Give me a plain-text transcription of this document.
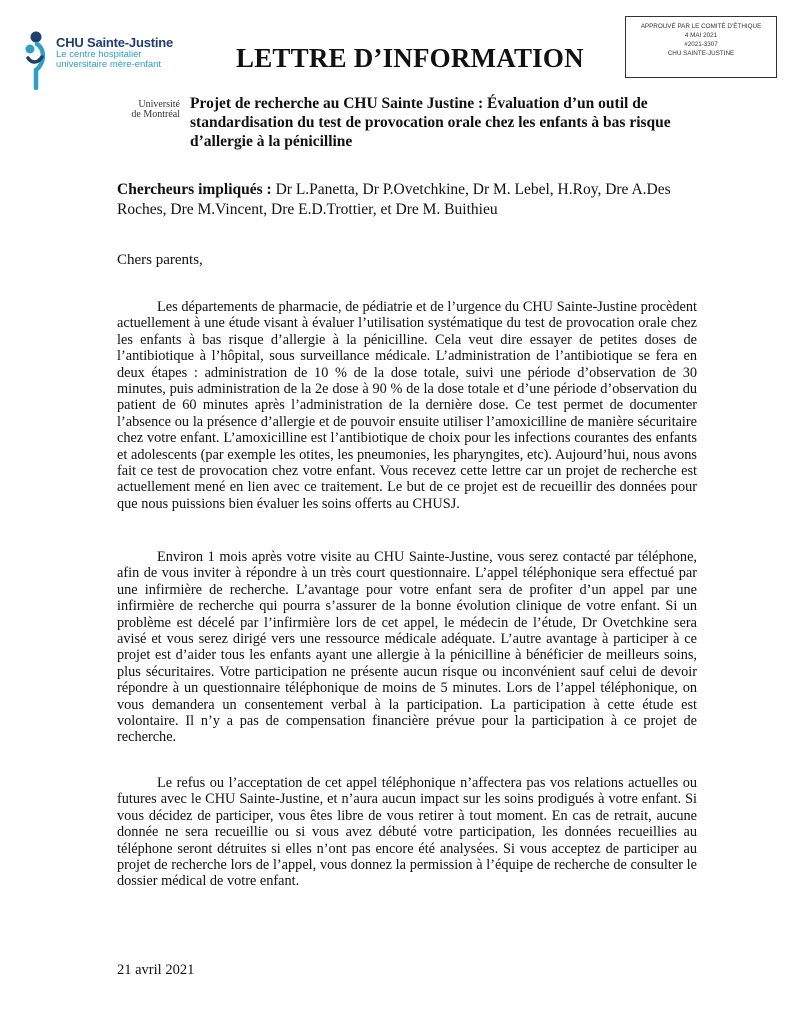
CHU Sainte-Justine
Le centre hospitalier
universitaire mère-enfant	LETTRE D’INFORMATION
APPROUVÉ PAR LE COMITÉ D’ÉTHIQUE
4 MAI 2021
#2021-3307
CHU SAINTE-JUSTINE
Université
de Montréal
Projet de recherche au CHU Sainte Justine : Évaluation d’un outil de standardisation du test de provocation orale chez les enfants à bas risque d’allergie à la pénicilline
Chercheurs impliqués : Dr L.Panetta, Dr P.Ovetchkine, Dr M. Lebel, H.Roy, Dre A.Des Roches, Dre M.Vincent, Dre E.D.Trottier, et Dre M. Buithieu
Chers parents,
Les départements de pharmacie, de pédiatrie et de l’urgence du CHU Sainte-Justine procèdent actuellement à une étude visant à évaluer l’utilisation systématique du test de provocation orale chez les enfants à bas risque d’allergie à la pénicilline. Cela veut dire essayer de petites doses de l’antibiotique à l’hôpital, sous surveillance médicale. L’administration de l’antibiotique se fera en deux étapes : administration de 10 % de la dose totale, suivi une période d’observation de 30 minutes, puis administration de la 2e dose à 90 % de la dose totale et d’une période d’observation du patient de 60 minutes après l’administration de la dernière dose. Ce test permet de documenter l’absence ou la présence d’allergie et de pouvoir ensuite utiliser l’amoxicilline de manière sécuritaire chez votre enfant. L’amoxicilline est l’antibiotique de choix pour les infections courantes des enfants et adolescents (par exemple les otites, les pneumonies, les pharyngites, etc). Aujourd’hui, nous avons fait ce test de provocation chez votre enfant. Vous recevez cette lettre car un projet de recherche est actuellement mené en lien avec ce traitement. Le but de ce projet est de recueillir des données pour que nous puissions bien évaluer les soins offerts au CHUSJ.
Environ 1 mois après votre visite au CHU Sainte-Justine, vous serez contacté par téléphone, afin de vous inviter à répondre à un très court questionnaire. L’appel téléphonique sera effectué par une infirmière de recherche. L’avantage pour votre enfant sera de profiter d’un appel par une infirmière de recherche qui pourra s’assurer de la bonne évolution clinique de votre enfant. Si un problème est décelé par l’infirmière lors de cet appel, le médecin de l’étude, Dr Ovetchkine sera avisé et vous serez dirigé vers une ressource médicale adéquate. L’autre avantage à participer à ce projet est d’aider tous les enfants ayant une allergie à la pénicilline à bénéficier de meilleurs soins, plus sécuritaires. Votre participation ne présente aucun risque ou inconvénient sauf celui de devoir répondre à un questionnaire téléphonique de moins de 5 minutes. Lors de l’appel téléphonique, on vous demandera un consentement verbal à la participation. La participation à cette étude est volontaire. Il n’y a pas de compensation financière prévue pour la participation à ce projet de recherche.
Le refus ou l’acceptation de cet appel téléphonique n’affectera pas vos relations actuelles ou futures avec le CHU Sainte-Justine, et n’aura aucun impact sur les soins prodigués à votre enfant. Si vous décidez de participer, vous êtes libre de vous retirer à tout moment. En cas de retrait, aucune donnée ne sera recueillie ou si vous avez débuté votre participation, les données recueillies au téléphone seront détruites si elles n’ont pas encore été analysées. Si vous acceptez de participer au projet de recherche lors de l’appel, vous donnez la permission à l’équipe de recherche de consulter le dossier médical de votre enfant.
21 avril 2021
